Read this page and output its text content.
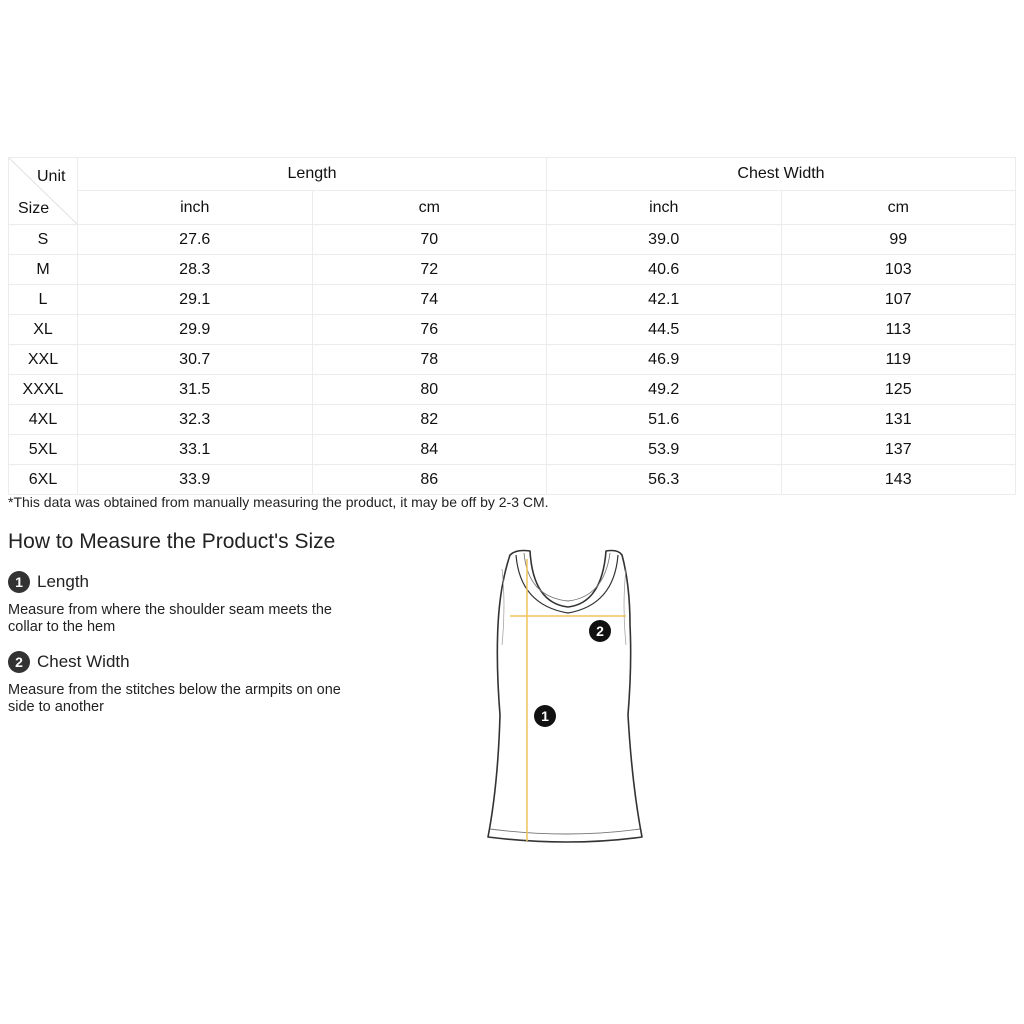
Unit
Size	Length		Chest Width	
	inch	cm	inch	cm
S	27.6	70	39.0	99
M	28.3	72	40.6	103
L	29.1	74	42.1	107
XL	29.9	76	44.5	113
XXL	30.7	78	46.9	119
XXXL	31.5	80	49.2	125
4XL	32.3	82	51.6	131
5XL	33.1	84	53.9	137
6XL	33.9	86	56.3	143
*This data was obtained from manually measuring the product, it may be off by 2-3 CM.
How to Measure the Product's Size
1 Length
Measure from where the shoulder seam meets the collar to the hem
2 Chest Width
Measure from the stitches below the armpits on one side to another
1
2
